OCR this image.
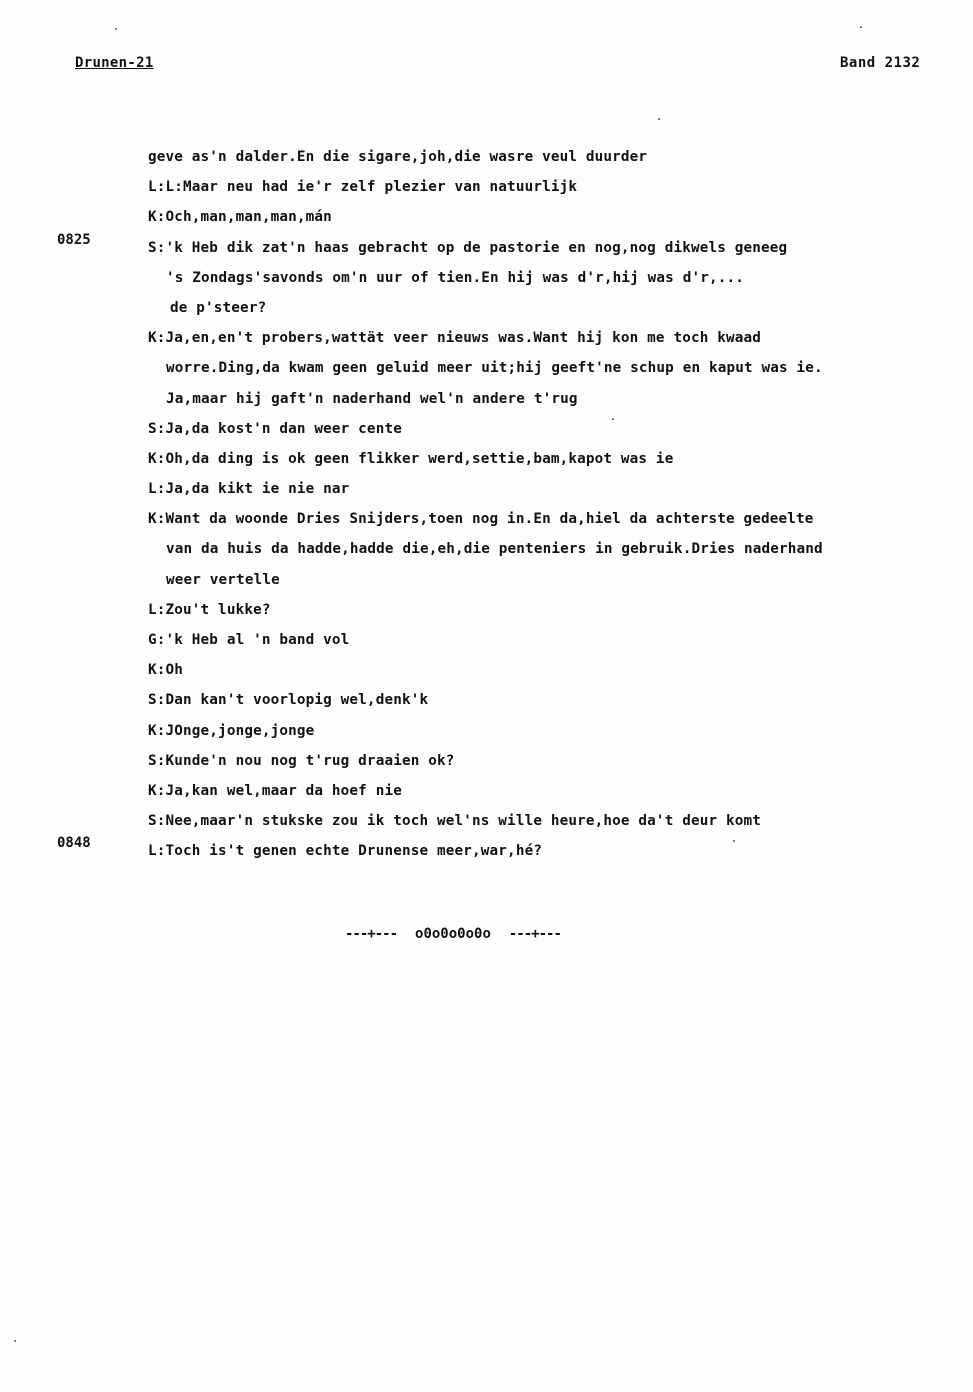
Drunen-21	Band 2132
0825
0848
geve as'n dalder.En die sigare,joh,die wasre veul duurder
L:L:Maar neu had ie'r zelf plezier van natuurlijk
K:Och,man,man,man,mán
S:'k Heb dik zat'n haas gebracht op de pastorie en nog,nog dikwels geneeg
's Zondags'savonds om'n uur of tien.En hij was d'r,hij was d'r,...
de p'steer?
K:Ja,en,en't probers,wattät veer nieuws was.Want hij kon me toch kwaad
worre.Ding,da kwam geen geluid meer uit;hij geeft'ne schup en kaput was ie.
Ja,maar hij gaft'n naderhand wel'n andere t'rug
S:Ja,da kost'n dan weer cente
K:Oh,da ding is ok geen flikker werd,settie,bam,kapot was ie
L:Ja,da kikt ie nie nar
K:Want da woonde Dries Snijders,toen nog in.En da,hiel da achterste gedeelte
van da huis da hadde,hadde die,eh,die penteniers in gebruik.Dries naderhand
weer vertelle
L:Zou't lukke?
G:'k Heb al 'n band vol
K:Oh
S:Dan kan't voorlopig wel,denk'k
K:JOnge,jonge,jonge
S:Kunde'n nou nog t'rug draaien ok?
K:Ja,kan wel,maar da hoef nie
S:Nee,maar'n stukske zou ik toch wel'ns wille heure,hoe da't deur komt
L:Toch is't genen echte Drunense meer,war,hé?
---+--- o0o0o0o0o ---+---
